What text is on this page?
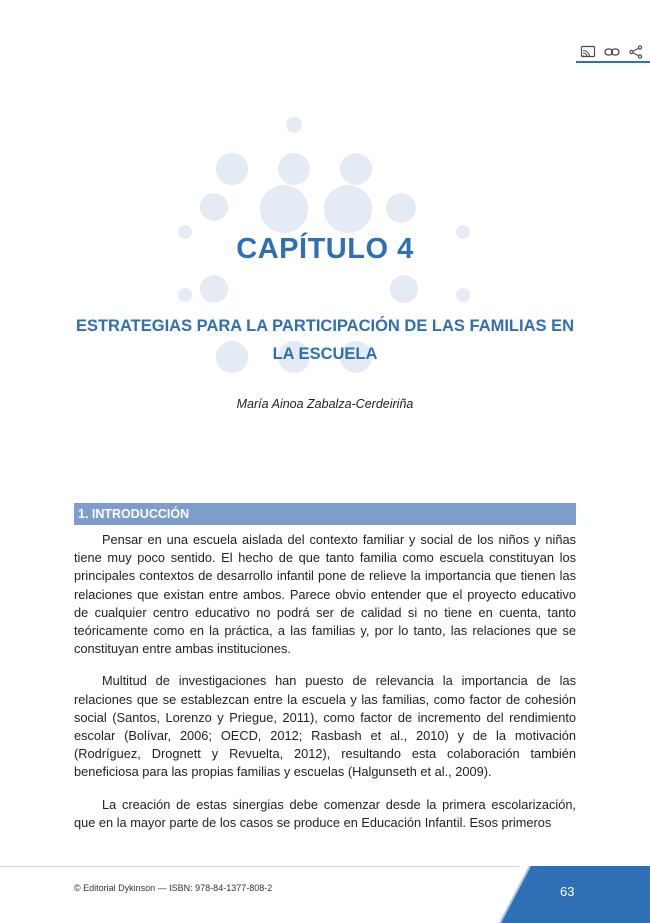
CAPÍTULO 4
ESTRATEGIAS PARA LA PARTICIPACIÓN DE LAS FAMILIAS EN LA ESCUELA
María Ainoa Zabalza-Cerdeiriña
1. INTRODUCCIÓN

Pensar en una escuela aislada del contexto familiar y social de los niños y niñas tiene muy poco sentido. El hecho de que tanto familia como escuela constituyan los principales contextos de desarrollo infantil pone de relieve la importancia que tienen las relaciones que existan entre ambos. Parece obvio entender que el proyecto educativo de cualquier centro educativo no podrá ser de calidad si no tiene en cuenta, tanto teóricamente como en la práctica, a las familias y, por lo tanto, las relaciones que se constituyan entre ambas instituciones.

Multitud de investigaciones han puesto de relevancia la importancia de las relaciones que se establezcan entre la escuela y las familias, como factor de cohesión social (Santos, Lorenzo y Priegue, 2011), como factor de incremento del rendimiento escolar (Bolívar, 2006; OECD, 2012; Rasbash et al., 2010) y de la motivación (Rodríguez, Drognett y Revuelta, 2012), resultando esta colaboración también beneficiosa para las propias familias y escuelas (Halgunseth et al., 2009).

La creación de estas sinergias debe comenzar desde la primera escolarización, que en la mayor parte de los casos se produce en Educación Infantil. Esos primeros

© Editorial Dykinson — ISBN: 978-84-1377-808-2	63
